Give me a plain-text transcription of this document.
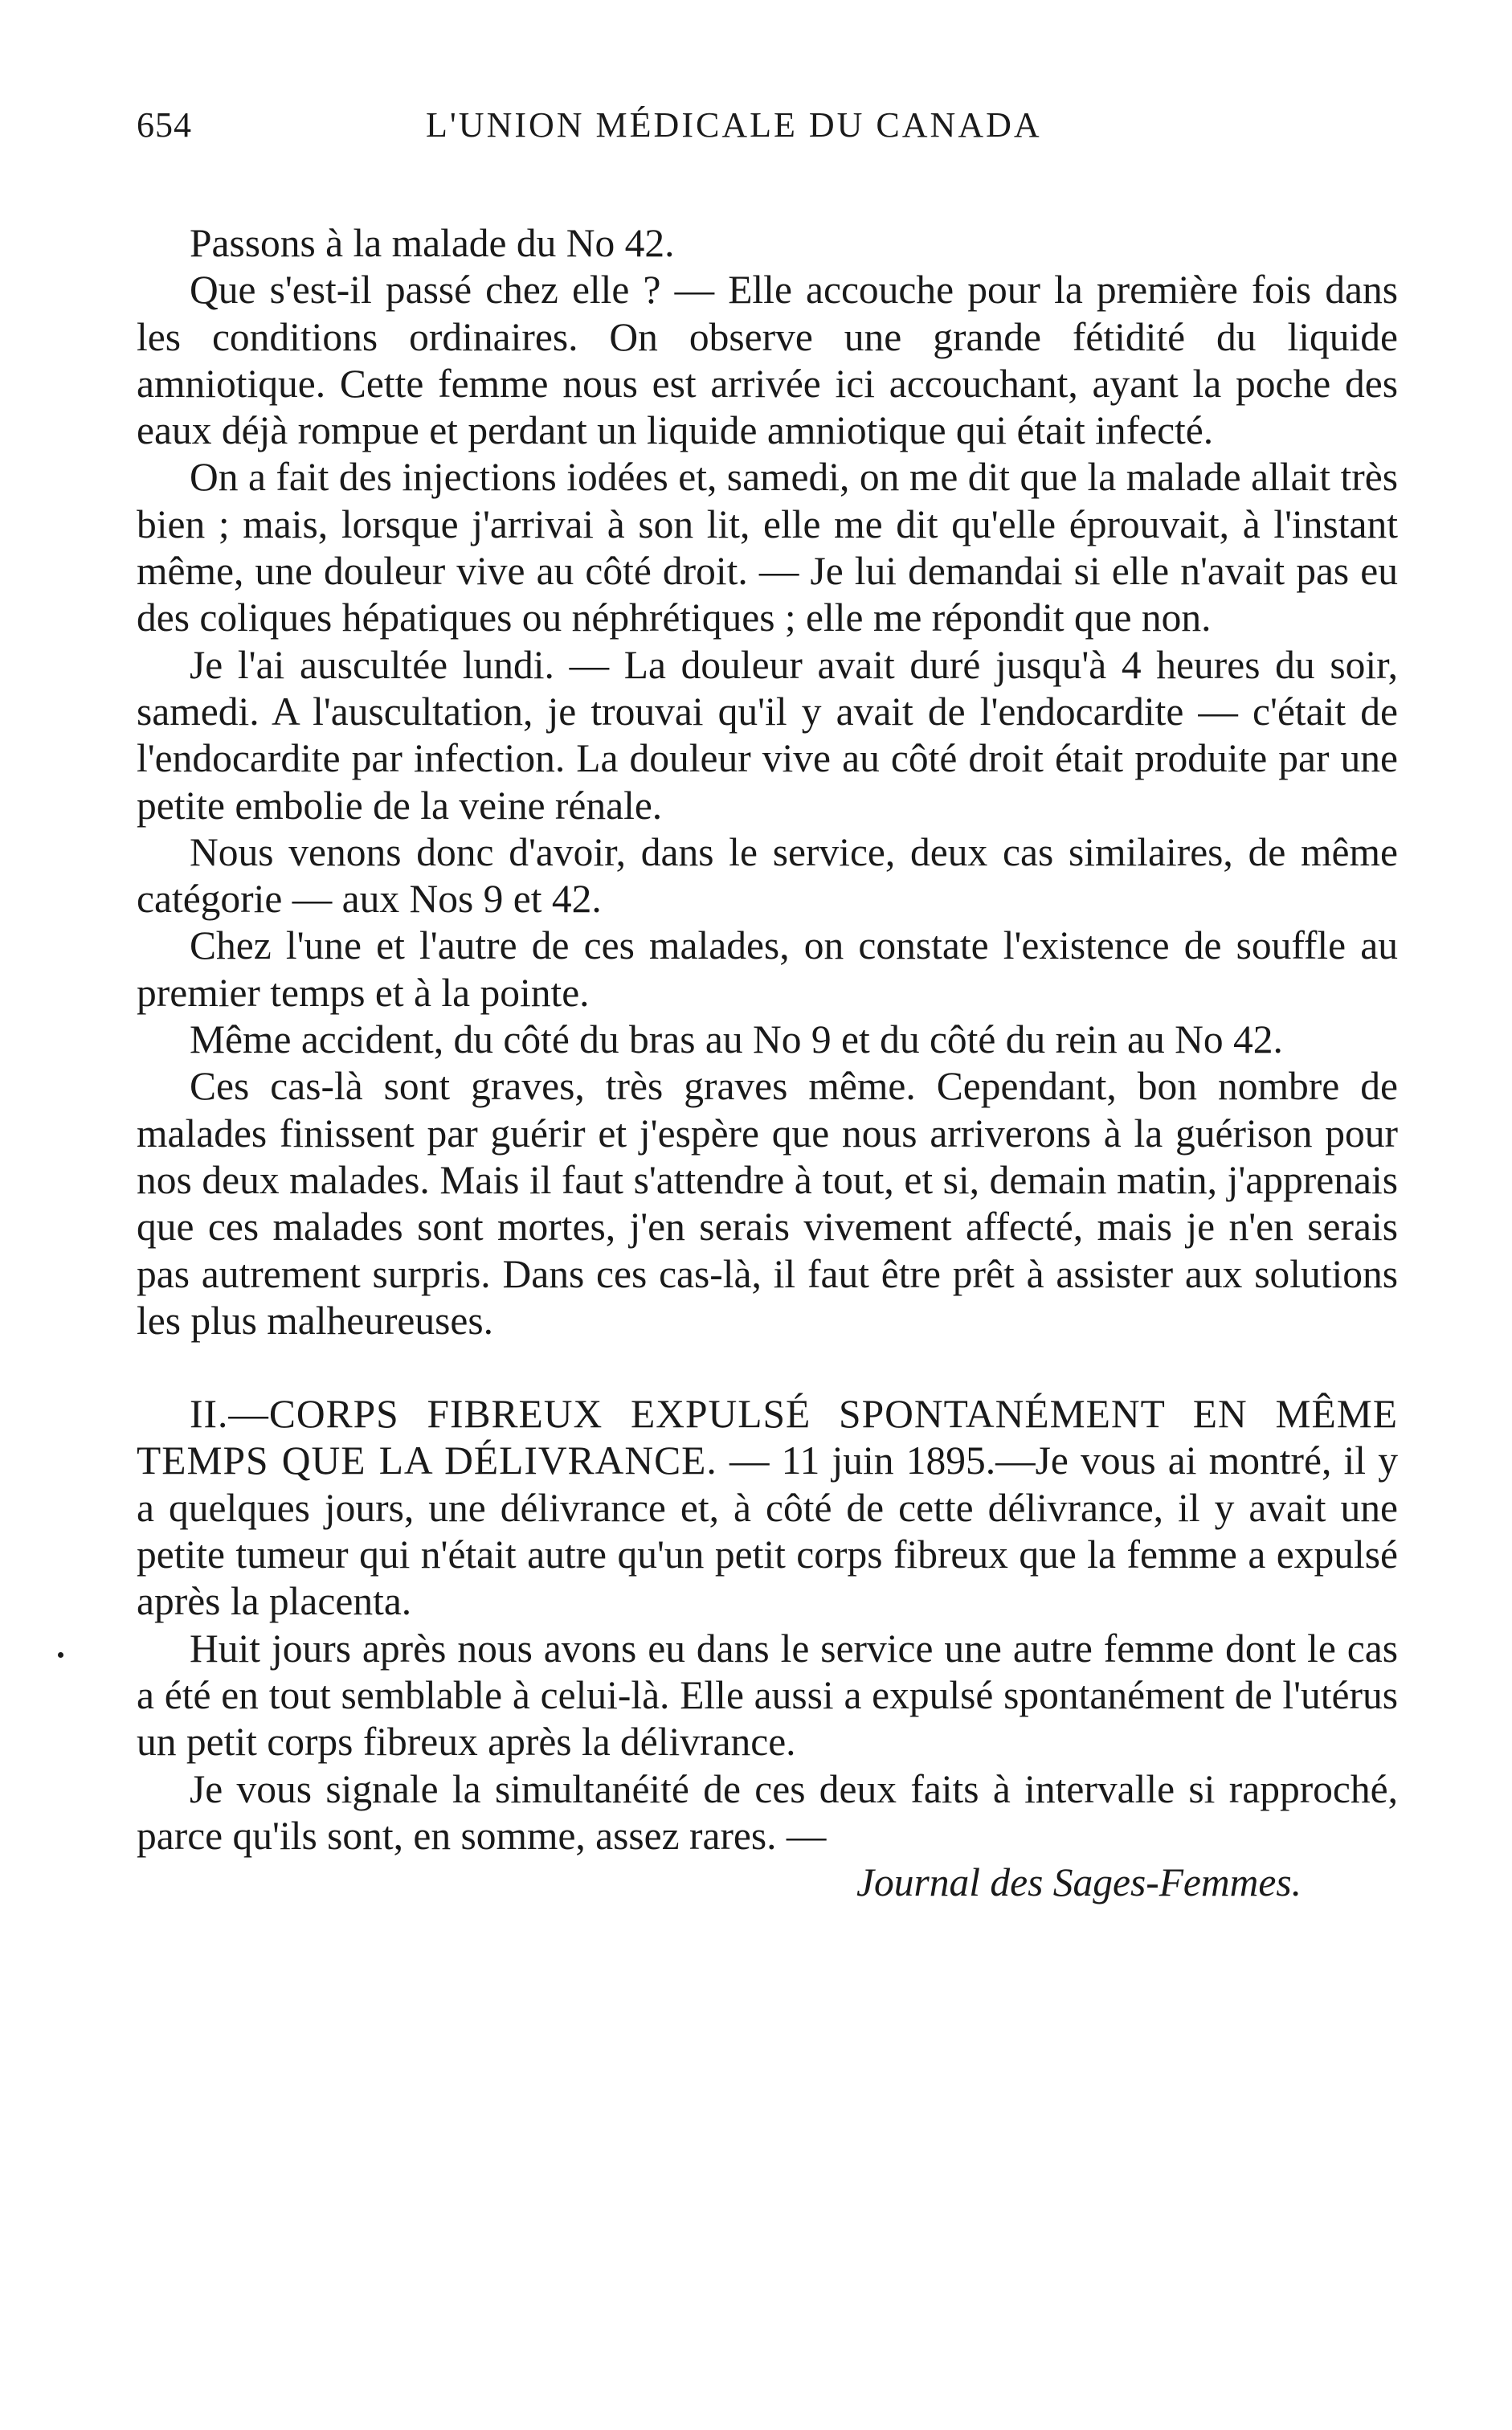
654	L'UNION MÉDICALE DU CANADA

Passons à la malade du No 42.

Que s'est-il passé chez elle ? — Elle accouche pour la première fois dans les conditions ordinaires. On observe une grande fétidité du liquide amniotique. Cette femme nous est arrivée ici accouchant, ayant la poche des eaux déjà rompue et perdant un liquide amniotique qui était infecté.

On a fait des injections iodées et, samedi, on me dit que la malade allait très bien ; mais, lorsque j'arrivai à son lit, elle me dit qu'elle éprouvait, à l'instant même, une douleur vive au côté droit. — Je lui demandai si elle n'avait pas eu des coliques hépatiques ou néphrétiques ; elle me répondit que non.

Je l'ai auscultée lundi. — La douleur avait duré jusqu'à 4 heures du soir, samedi. A l'auscultation, je trouvai qu'il y avait de l'endocardite — c'était de l'endocardite par infection. La douleur vive au côté droit était produite par une petite embolie de la veine rénale.

Nous venons donc d'avoir, dans le service, deux cas similaires, de même catégorie — aux Nos 9 et 42.

Chez l'une et l'autre de ces malades, on constate l'existence de souffle au premier temps et à la pointe.

Même accident, du côté du bras au No 9 et du côté du rein au No 42.

Ces cas-là sont graves, très graves même. Cependant, bon nombre de malades finissent par guérir et j'espère que nous arriverons à la guérison pour nos deux malades. Mais il faut s'attendre à tout, et si, demain matin, j'apprenais que ces malades sont mortes, j'en serais vivement affecté, mais je n'en serais pas autrement surpris. Dans ces cas-là, il faut être prêt à assister aux solutions les plus malheureuses.

II.—CORPS FIBREUX EXPULSÉ SPONTANÉMENT EN MÊME TEMPS QUE LA DÉLIVRANCE. — 11 juin 1895.—Je vous ai montré, il y a quelques jours, une délivrance et, à côté de cette délivrance, il y avait une petite tumeur qui n'était autre qu'un petit corps fibreux que la femme a expulsé après la placenta.

Huit jours après nous avons eu dans le service une autre femme dont le cas a été en tout semblable à celui-là. Elle aussi a expulsé spontanément de l'utérus un petit corps fibreux après la délivrance.

Je vous signale la simultanéité de ces deux faits à intervalle si rapproché, parce qu'ils sont, en somme, assez rares. —

Journal des Sages-Femmes.
